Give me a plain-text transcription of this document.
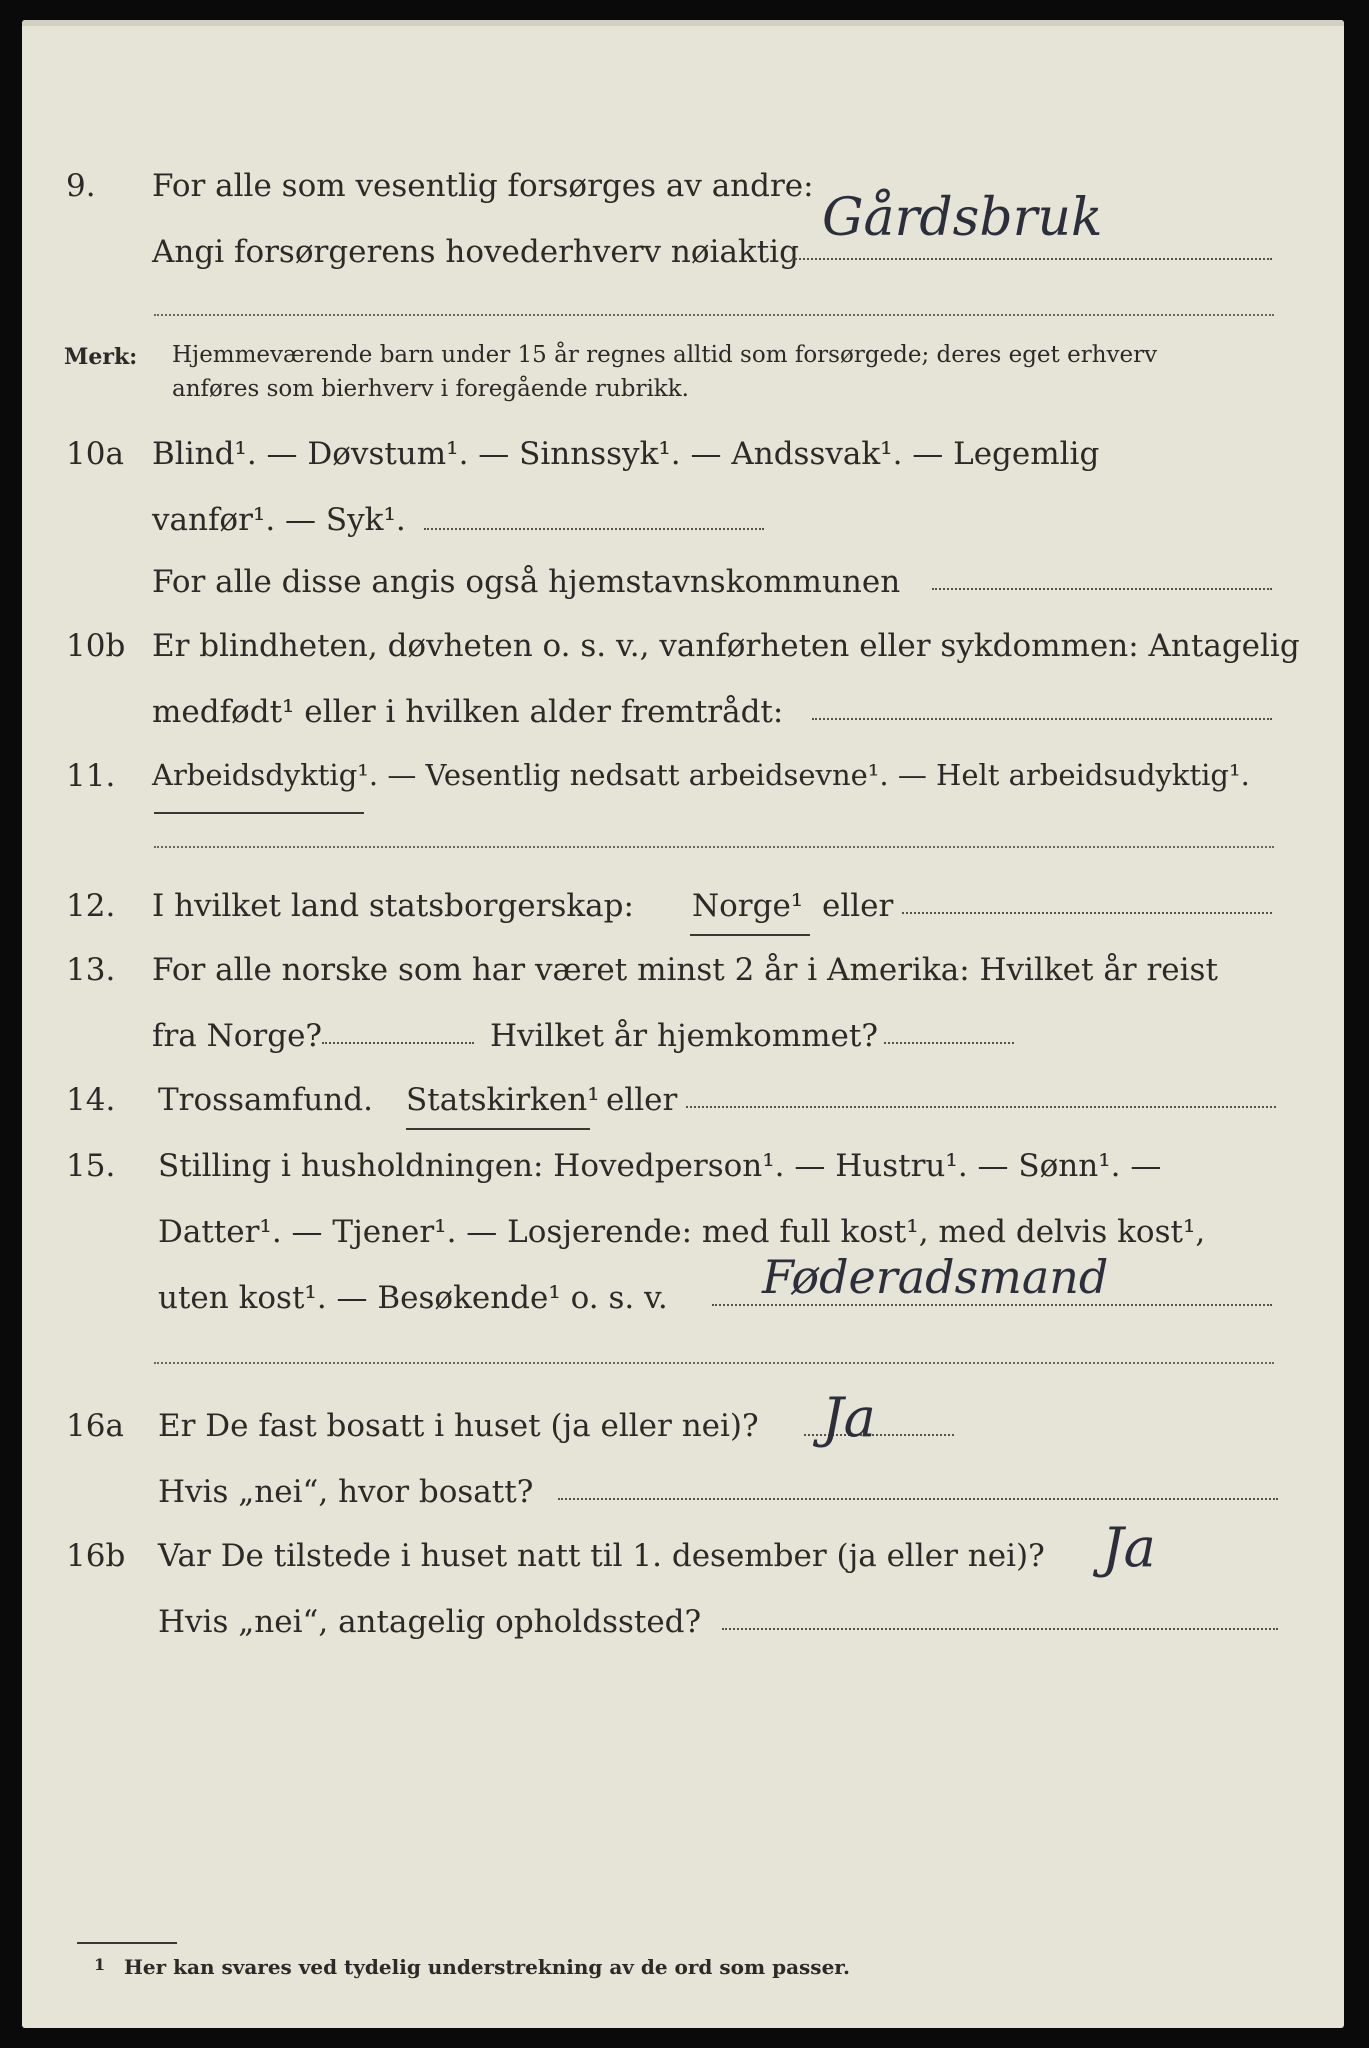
9. For alle som vesentlig forsørges av andre:
Angi forsørgerens hovederhverv nøiaktig
Gårdsbruk
Merk: Hjemmeværende barn under 15 år regnes alltid som forsørgede; deres eget erhverv
anføres som bierhverv i foregående rubrikk.
10a Blind¹. — Døvstum¹. — Sinnssyk¹. — Andssvak¹. — Legemlig
vanfør¹. — Syk¹.
For alle disse angis også hjemstavnskommunen
10b Er blindheten, døvheten o. s. v., vanførheten eller sykdommen: Antagelig
medfødt¹ eller i hvilken alder fremtrådt:
11. Arbeidsdyktig¹. — Vesentlig nedsatt arbeidsevne¹. — Helt arbeidsudyktig¹.
12. I hvilket land statsborgerskap: Norge¹ eller
13. For alle norske som har været minst 2 år i Amerika: Hvilket år reist
fra Norge?	Hvilket år hjemkommet?
14. Trossamfund. Statskirken¹ eller
15. Stilling i husholdningen: Hovedperson¹. — Hustru¹. — Sønn¹. —
Datter¹. — Tjener¹. — Losjerende: med full kost¹, med delvis kost¹,
uten kost¹. — Besøkende¹ o. s. v. Føderadsmand
16a Er De fast bosatt i huset (ja eller nei)? Ja
Hvis „nei“, hvor bosatt?
16b Var De tilstede i huset natt til 1. desember (ja eller nei)? Ja
Hvis „nei“, antagelig opholdssted?
1 Her kan svares ved tydelig understrekning av de ord som passer.
